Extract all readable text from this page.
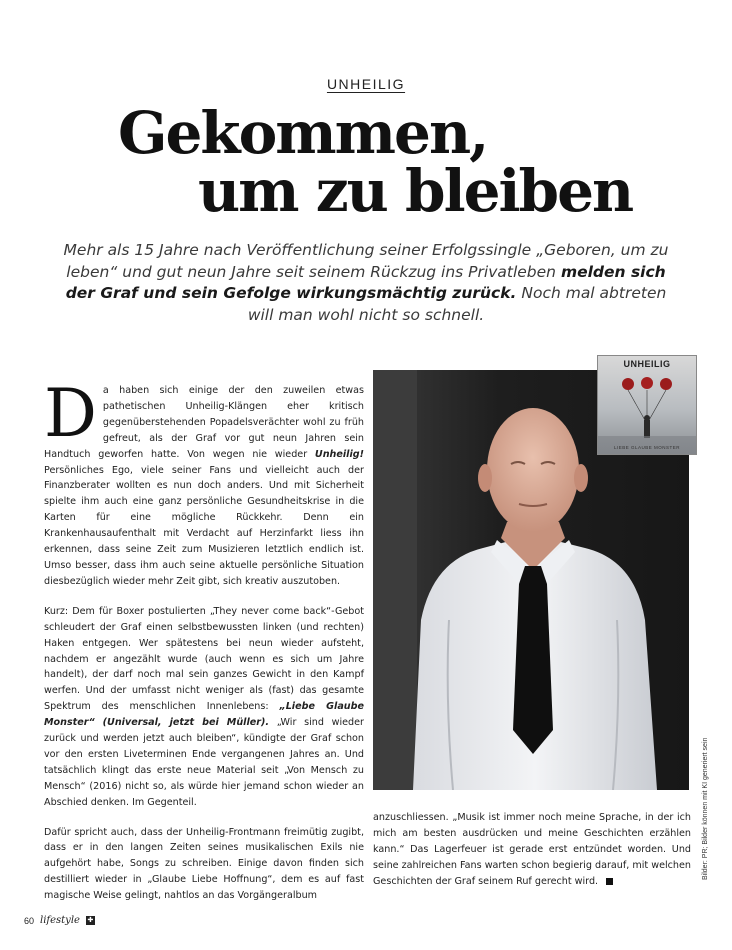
UNHEILIG
Gekommen,
um zu bleiben
Mehr als 15 Jahre nach Veröffentlichung seiner Erfolgssingle „Geboren, um zu leben“ und gut neun Jahre seit seinem Rückzug ins Privatleben melden sich der Graf und sein Gefolge wirkungsmächtig zurück. Noch mal abtreten will man wohl nicht so schnell.

Da haben sich einige der den zuweilen etwas pathetischen Unheilig-Klängen eher kritisch gegenüberstehenden Popadelsverächter wohl zu früh gefreut, als der Graf vor gut neun Jahren sein Handtuch geworfen hatte. Von wegen nie wieder Unheilig! Persönliches Ego, viele seiner Fans und vielleicht auch der Finanzberater wollten es nun doch anders. Und mit Sicherheit spielte ihm auch eine ganz persönliche Gesundheitskrise in die Karten für eine mögliche Rückkehr. Denn ein Krankenhausaufenthalt mit Verdacht auf Herzinfarkt liess ihn erkennen, dass seine Zeit zum Musizieren letztlich endlich ist. Umso besser, dass ihm auch seine aktuelle persönliche Situation diesbezüglich wieder mehr Zeit gibt, sich kreativ auszutoben.

Kurz: Dem für Boxer postulierten „They never come back“-Gebot schleudert der Graf einen selbstbewussten linken (und rechten) Haken entgegen. Wer spätestens bei neun wieder aufsteht, nachdem er angezählt wurde (auch wenn es sich um Jahre handelt), der darf noch mal sein ganzes Gewicht in den Kampf werfen. Und der umfasst nicht weniger als (fast) das gesamte Spektrum des menschlichen Innenlebens: „Liebe Glaube Monster“ (Universal, jetzt bei Müller). „Wir sind wieder zurück und werden jetzt auch bleiben“, kündigte der Graf schon vor den ersten Liveterminen Ende vergangenen Jahres an. Und tatsächlich klingt das erste neue Material seit „Von Mensch zu Mensch“ (2016) nicht so, als würde hier jemand schon wieder an Abschied denken. Im Gegenteil.

Dafür spricht auch, dass der Unheilig-Frontmann freimütig zugibt, dass er in den langen Zeiten seines musikalischen Exils nie aufgehört habe, Songs zu schreiben. Einige davon finden sich destilliert wieder in „Glaube Liebe Hoffnung“, dem es auf fast magische Weise gelingt, nahtlos an das Vorgängeralbum

UNHEILIG
LIEBE GLAUBE MONSTER

anzuschliessen. „Musik ist immer noch meine Sprache, in der ich mich am besten ausdrücken und meine Geschichten erzählen kann.“ Das Lagerfeuer ist gerade erst entzündet worden. Und seine zahlreichen Fans warten schon begierig darauf, mit welchen Geschichten der Graf seinem Ruf gerecht wird.

Bilder: PR; Bilder können mit KI generiert sein
60 lifestyle ✚
